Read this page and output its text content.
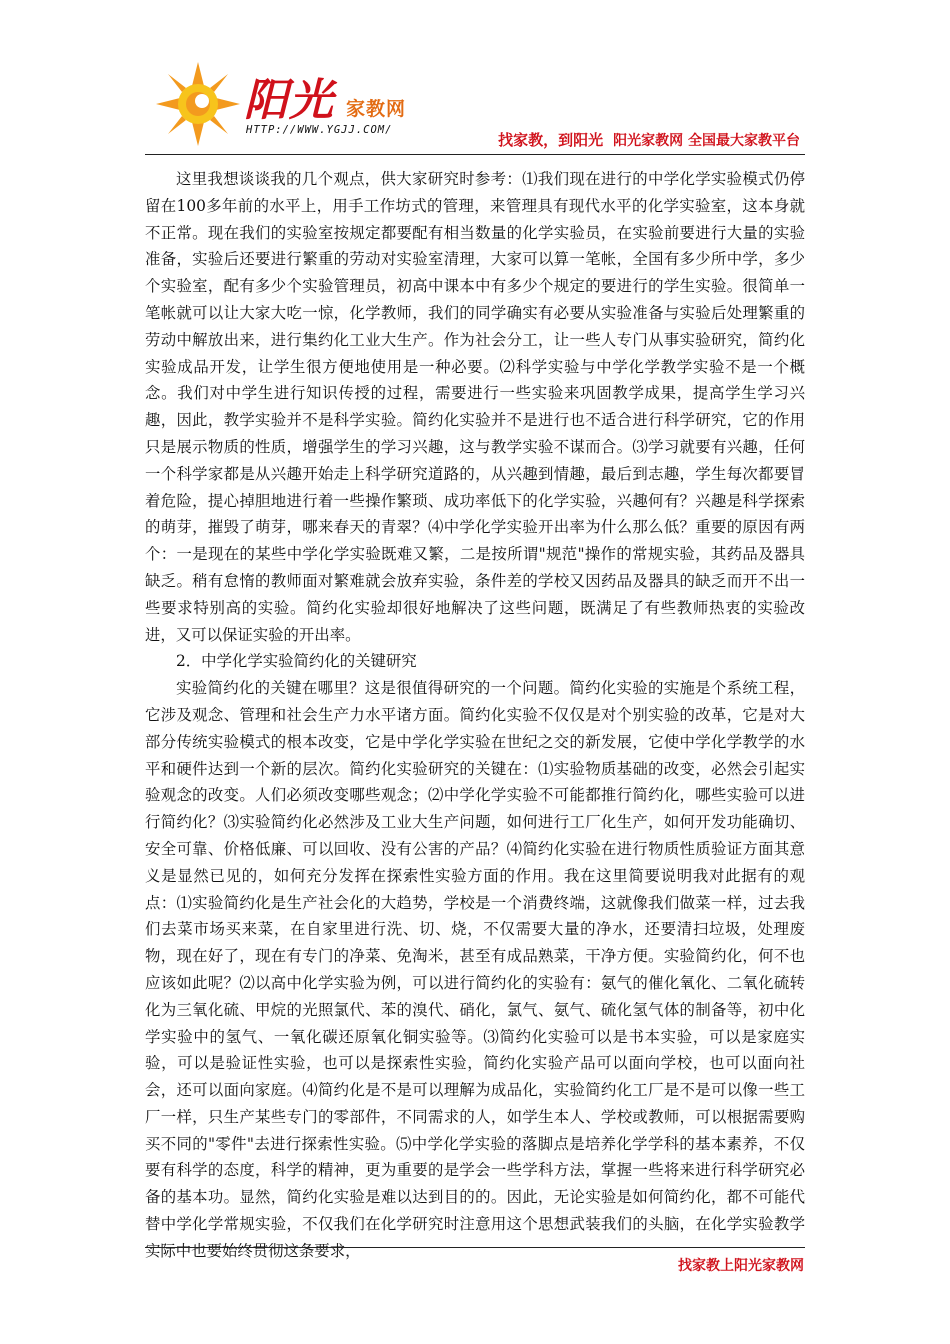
阳光 家教网
HTTP://WWW.YGJJ.COM/
找家教，到阳光 阳光家教网 全国最大家教平台

这里我想谈谈我的几个观点，供大家研究时参考：⑴我们现在进行的中学化学实验模式仍停留在100多年前的水平上，用手工作坊式的管理，来管理具有现代水平的化学实验室，这本身就不正常。现在我们的实验室按规定都要配有相当数量的化学实验员，在实验前要进行大量的实验准备，实验后还要进行繁重的劳动对实验室清理，大家可以算一笔帐，全国有多少所中学，多少个实验室，配有多少个实验管理员，初高中课本中有多少个规定的要进行的学生实验。很简单一笔帐就可以让大家大吃一惊，化学教师，我们的同学确实有必要从实验准备与实验后处理繁重的劳动中解放出来，进行集约化工业大生产。作为社会分工，让一些人专门从事实验研究，简约化实验成品开发，让学生很方便地使用是一种必要。⑵科学实验与中学化学教学实验不是一个概念。我们对中学生进行知识传授的过程，需要进行一些实验来巩固教学成果，提高学生学习兴趣，因此，教学实验并不是科学实验。简约化实验并不是进行也不适合进行科学研究，它的作用只是展示物质的性质，增强学生的学习兴趣，这与教学实验不谋而合。⑶学习就要有兴趣，任何一个科学家都是从兴趣开始走上科学研究道路的，从兴趣到情趣，最后到志趣，学生每次都要冒着危险，提心掉胆地进行着一些操作繁琐、成功率低下的化学实验，兴趣何有？兴趣是科学探索的萌芽，摧毁了萌芽，哪来春天的青翠？⑷中学化学实验开出率为什么那么低？重要的原因有两个：一是现在的某些中学化学实验既难又繁，二是按所谓"规范"操作的常规实验，其药品及器具缺乏。稍有怠惰的教师面对繁难就会放弃实验，条件差的学校又因药品及器具的缺乏而开不出一些要求特别高的实验。简约化实验却很好地解决了这些问题，既满足了有些教师热衷的实验改进，又可以保证实验的开出率。

2．中学化学实验简约化的关键研究

实验简约化的关键在哪里？这是很值得研究的一个问题。简约化实验的实施是个系统工程，它涉及观念、管理和社会生产力水平诸方面。简约化实验不仅仅是对个别实验的改革，它是对大部分传统实验模式的根本改变，它是中学化学实验在世纪之交的新发展，它使中学化学教学的水平和硬件达到一个新的层次。简约化实验研究的关键在：⑴实验物质基础的改变，必然会引起实验观念的改变。人们必须改变哪些观念；⑵中学化学实验不可能都推行简约化，哪些实验可以进行简约化？⑶实验简约化必然涉及工业大生产问题，如何进行工厂化生产，如何开发功能确切、安全可靠、价格低廉、可以回收、没有公害的产品？⑷简约化实验在进行物质性质验证方面其意义是显然已见的，如何充分发挥在探索性实验方面的作用。我在这里简要说明我对此据有的观点：⑴实验简约化是生产社会化的大趋势，学校是一个消费终端，这就像我们做菜一样，过去我们去菜市场买来菜，在自家里进行洗、切、烧，不仅需要大量的净水，还要清扫垃圾，处理废物，现在好了，现在有专门的净菜、免淘米，甚至有成品熟菜，干净方便。实验简约化，何不也应该如此呢？⑵以高中化学实验为例，可以进行简约化的实验有：氨气的催化氧化、二氧化硫转化为三氧化硫、甲烷的光照氯代、苯的溴代、硝化，氯气、氨气、硫化氢气体的制备等，初中化学实验中的氢气、一氧化碳还原氧化铜实验等。⑶简约化实验可以是书本实验，可以是家庭实验，可以是验证性实验，也可以是探索性实验，简约化实验产品可以面向学校，也可以面向社会，还可以面向家庭。⑷简约化是不是可以理解为成品化，实验简约化工厂是不是可以像一些工厂一样，只生产某些专门的零部件，不同需求的人，如学生本人、学校或教师，可以根据需要购买不同的"零件"去进行探索性实验。⑸中学化学实验的落脚点是培养化学学科的基本素养，不仅要有科学的态度，科学的精神，更为重要的是学会一些学科方法，掌握一些将来进行科学研究必备的基本功。显然，简约化实验是难以达到目的的。因此，无论实验是如何简约化，都不可能代替中学化学常规实验，不仅我们在化学研究时注意用这个思想武装我们的头脑，在化学实验教学实际中也要始终贯彻这条要求，

找家教上阳光家教网
